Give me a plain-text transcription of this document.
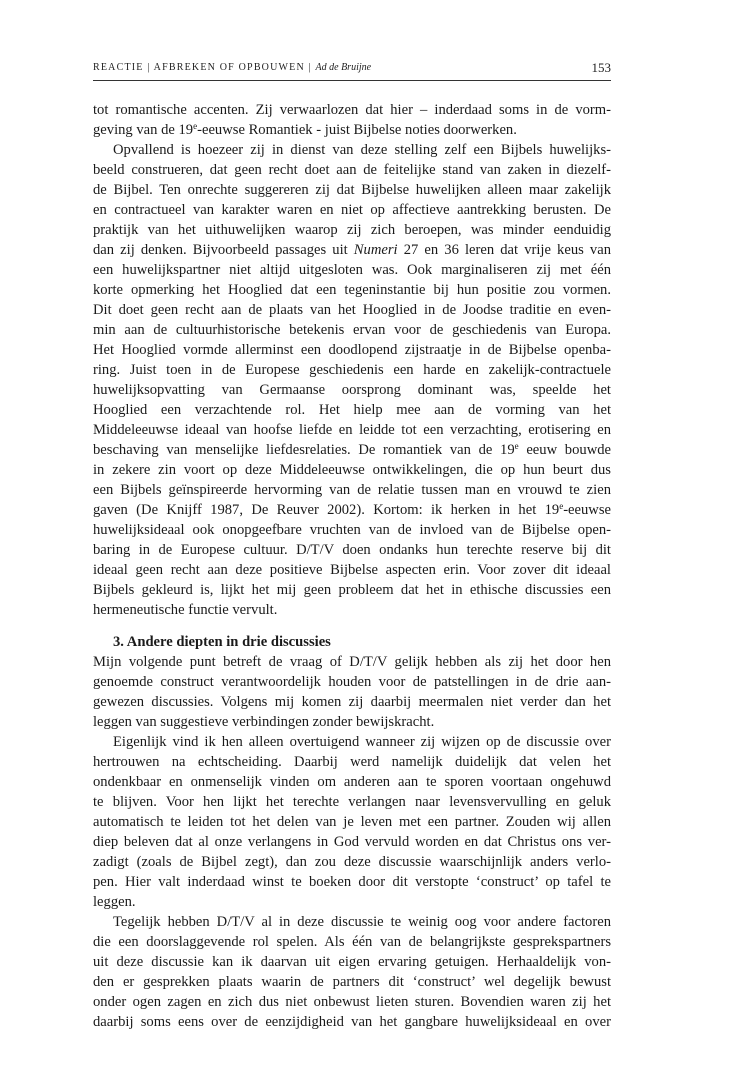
REACTIE | AFBREKEN OF OPBOUWEN | Ad de Bruijne	153
tot romantische accenten. Zij verwaarlozen dat hier – inderdaad soms in de vorm-
geving van de 19e-eeuwse Romantiek - juist Bijbelse noties doorwerken.
Opvallend is hoezeer zij in dienst van deze stelling zelf een Bijbels huwelijks-
beeld construeren, dat geen recht doet aan de feitelijke stand van zaken in diezelf-
de Bijbel. Ten onrechte suggereren zij dat Bijbelse huwelijken alleen maar zakelijk
en contractueel van karakter waren en niet op affectieve aantrekking berusten. De
praktijk van het uithuwelijken waarop zij zich beroepen, was minder eenduidig
dan zij denken. Bijvoorbeeld passages uit Numeri 27 en 36 leren dat vrije keus van
een huwelijkspartner niet altijd uitgesloten was. Ook marginaliseren zij met één
korte opmerking het Hooglied dat een tegeninstantie bij hun positie zou vormen.
Dit doet geen recht aan de plaats van het Hooglied in de Joodse traditie en even-
min aan de cultuurhistorische betekenis ervan voor de geschiedenis van Europa.
Het Hooglied vormde allerminst een doodlopend zijstraatje in de Bijbelse openba-
ring. Juist toen in de Europese geschiedenis een harde en zakelijk-contractuele
huwelijksopvatting van Germaanse oorsprong dominant was, speelde het
Hooglied een verzachtende rol. Het hielp mee aan de vorming van het
Middeleeuwse ideaal van hoofse liefde en leidde tot een verzachting, erotisering en
beschaving van menselijke liefdesrelaties. De romantiek van de 19e eeuw bouwde
in zekere zin voort op deze Middeleeuwse ontwikkelingen, die op hun beurt dus
een Bijbels geïnspireerde hervorming van de relatie tussen man en vrouwd te zien
gaven (De Knijff 1987, De Reuver 2002). Kortom: ik herken in het 19e-eeuwse
huwelijksideaal ook onopgeefbare vruchten van de invloed van de Bijbelse open-
baring in de Europese cultuur. D/T/V doen ondanks hun terechte reserve bij dit
ideaal geen recht aan deze positieve Bijbelse aspecten erin. Voor zover dit ideaal
Bijbels gekleurd is, lijkt het mij geen probleem dat het in ethische discussies een
hermeneutische functie vervult.
3. Andere diepten in drie discussies
Mijn volgende punt betreft de vraag of D/T/V gelijk hebben als zij het door hen
genoemde construct verantwoordelijk houden voor de patstellingen in de drie aan-
gewezen discussies. Volgens mij komen zij daarbij meermalen niet verder dan het
leggen van suggestieve verbindingen zonder bewijskracht.
Eigenlijk vind ik hen alleen overtuigend wanneer zij wijzen op de discussie over
hertrouwen na echtscheiding. Daarbij werd namelijk duidelijk dat velen het
ondenkbaar en onmenselijk vinden om anderen aan te sporen voortaan ongehuwd
te blijven. Voor hen lijkt het terechte verlangen naar levensvervulling en geluk
automatisch te leiden tot het delen van je leven met een partner. Zouden wij allen
diep beleven dat al onze verlangens in God vervuld worden en dat Christus ons ver-
zadigt (zoals de Bijbel zegt), dan zou deze discussie waarschijnlijk anders verlo-
pen. Hier valt inderdaad winst te boeken door dit verstopte ‘construct’ op tafel te
leggen.
Tegelijk hebben D/T/V al in deze discussie te weinig oog voor andere factoren
die een doorslaggevende rol spelen. Als één van de belangrijkste gesprekspartners
uit deze discussie kan ik daarvan uit eigen ervaring getuigen. Herhaaldelijk von-
den er gesprekken plaats waarin de partners dit ‘construct’ wel degelijk bewust
onder ogen zagen en zich dus niet onbewust lieten sturen. Bovendien waren zij het
daarbij soms eens over de eenzijdigheid van het gangbare huwelijksideaal en over
